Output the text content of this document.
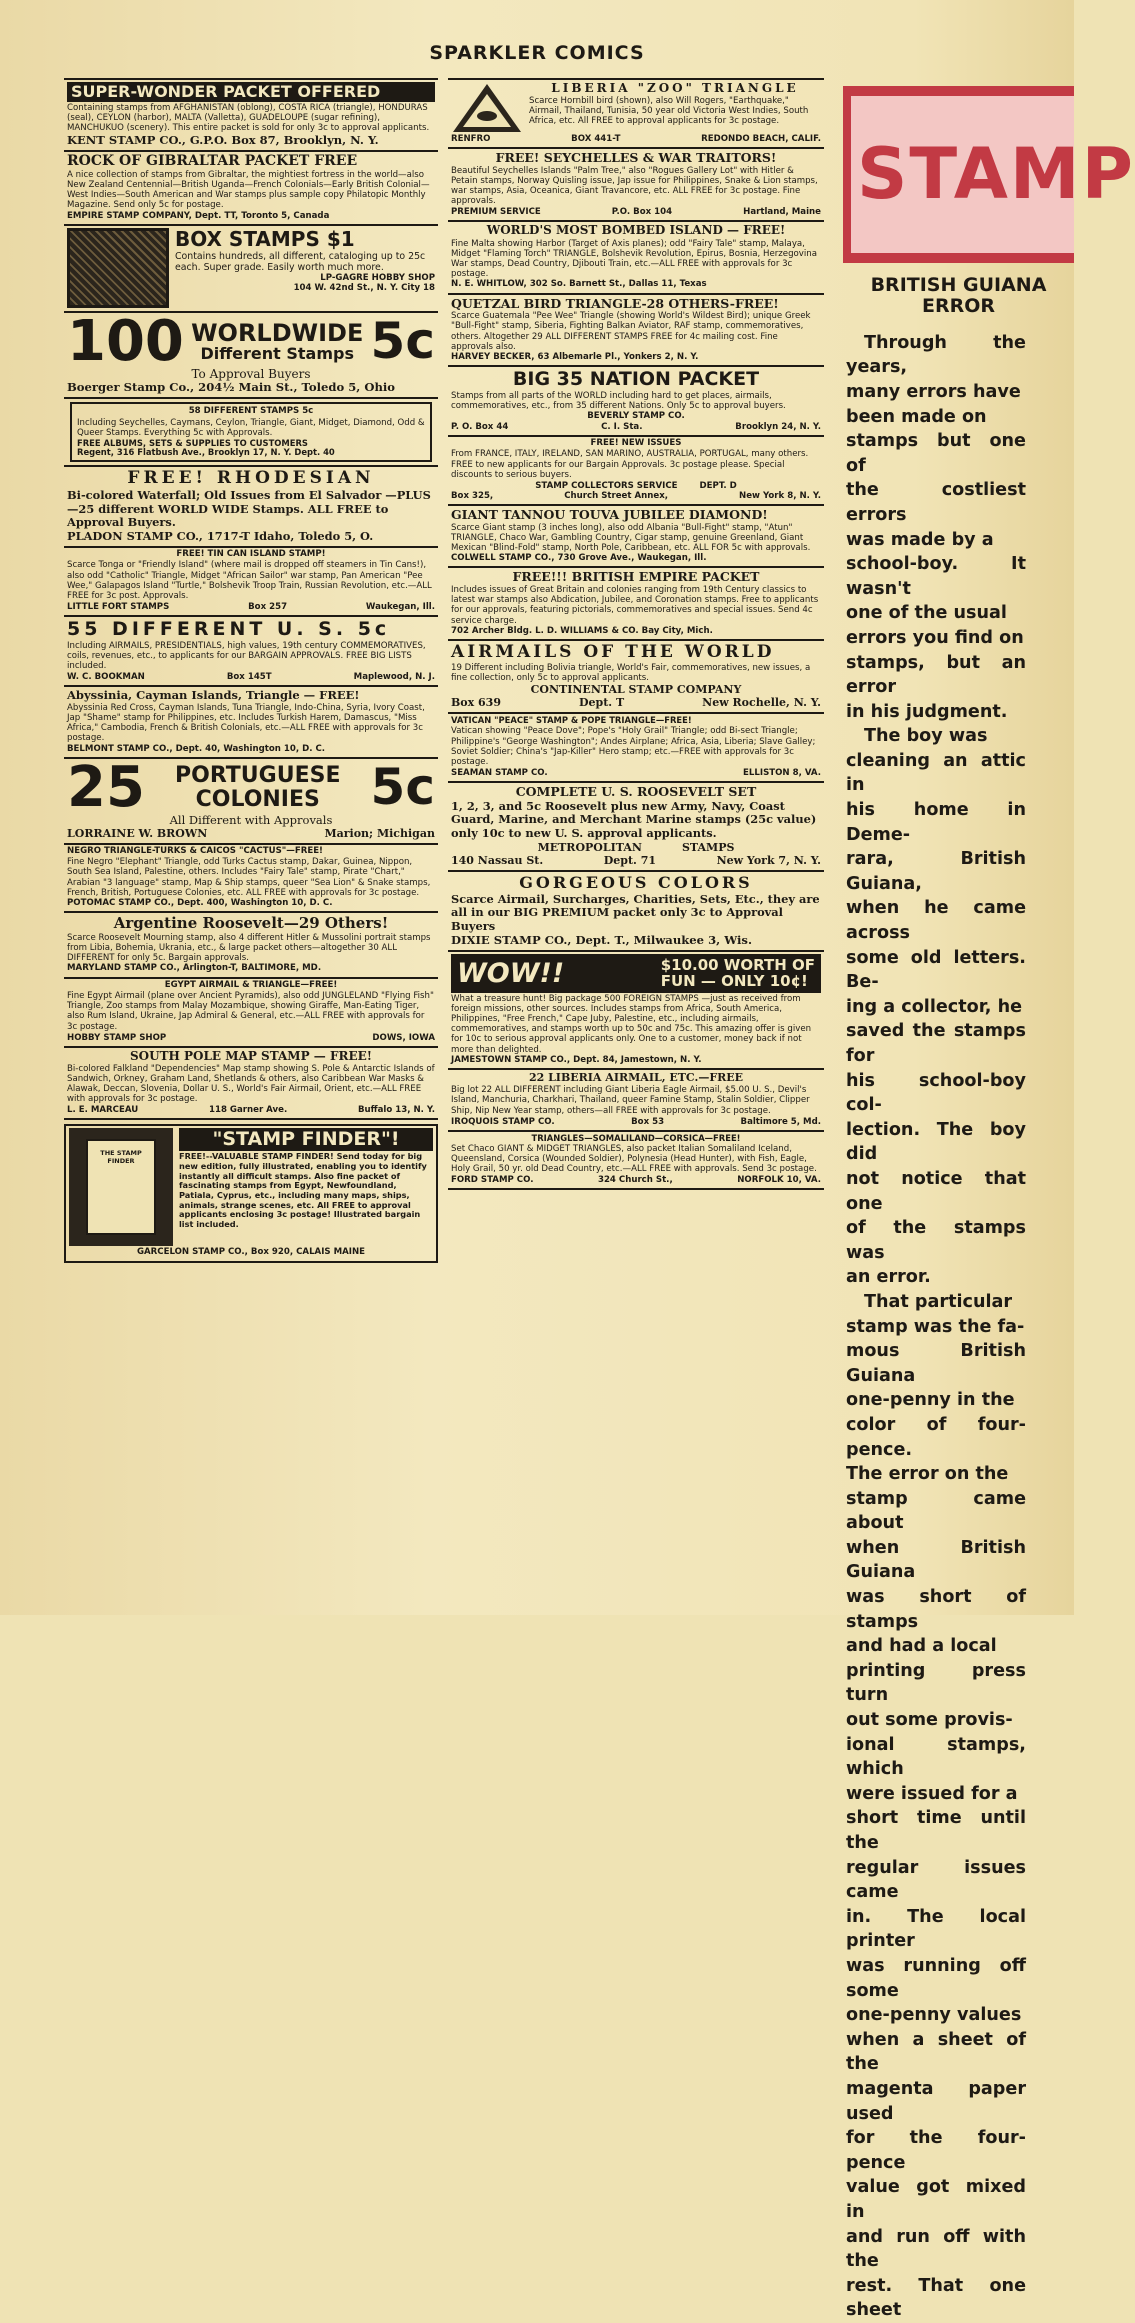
SPARKLER COMICS
SUPER-WONDER PACKET OFFERED
Containing stamps from AFGHANISTAN (oblong), COSTA RICA (triangle), HONDURAS (seal), CEYLON (harbor), MALTA (Valletta), GUADELOUPE (sugar refining), MANCHUKUO (scenery). This entire packet is sold for only 3c to approval applicants.
KENT STAMP CO., G.P.O. Box 87, Brooklyn, N. Y.
ROCK OF GIBRALTAR PACKET FREE
A nice collection of stamps from Gibraltar, the mightiest fortress in the world—also New Zealand Centennial—British Uganda—French Colonials—Early British Colonial—West Indies—South American and War stamps plus sample copy Philatopic Monthly Magazine. Send only 5c for postage.
EMPIRE STAMP COMPANY, Dept. TT, Toronto 5, Canada
BOX STAMPS $1
Contains hundreds, all different, cataloging up to 25c each. Super grade. Easily worth much more.
LP-GAGRE HOBBY SHOP
104 W. 42nd St., N. Y. City 18
100 WORLDWIDE
Different Stamps 5c
To Approval Buyers
Boerger Stamp Co., 204½ Main St., Toledo 5, Ohio
58 DIFFERENT STAMPS 5c
Including Seychelles, Caymans, Ceylon, Triangle, Giant, Midget, Diamond, Odd & Queer Stamps. Everything 5c with Approvals.
FREE ALBUMS, SETS & SUPPLIES TO CUSTOMERS
Regent, 316 Flatbush Ave., Brooklyn 17, N. Y. Dept. 40
FREE! RHODESIAN
Bi-colored Waterfall; Old Issues from El Salvador —PLUS—25 different WORLD WIDE Stamps. ALL FREE to Approval Buyers.
PLADON STAMP CO., 1717-T Idaho, Toledo 5, O.
FREE! TIN CAN ISLAND STAMP!
Scarce Tonga or "Friendly Island" (where mail is dropped off steamers in Tin Cans!), also odd "Catholic" Triangle, Midget "African Sailor" war stamp, Pan American "Pee Wee," Galapagos Island "Turtle," Bolshevik Troop Train, Russian Revolution, etc.—ALL FREE for 3c post. Approvals.
LITTLE FORT STAMPS	Box 257	Waukegan, Ill.
55 DIFFERENT U. S. 5c
Including AIRMAILS, PRESIDENTIALS, high values, 19th century COMMEMORATIVES, coils, revenues, etc., to applicants for our BARGAIN APPROVALS. FREE BIG LISTS included.
W. C. BOOKMAN	Box 145T	Maplewood, N. J.
Abyssinia, Cayman Islands, Triangle — FREE!
Abyssinia Red Cross, Cayman Islands, Tuna Triangle, Indo-China, Syria, Ivory Coast, Jap "Shame" stamp for Philippines, etc. Includes Turkish Harem, Damascus, "Miss Africa," Cambodia, French & British Colonials, etc.—ALL FREE with approvals for 3c postage.
BELMONT STAMP CO., Dept. 40, Washington 10, D. C.
25 PORTUGUESE
COLONIES	5c
All Different with Approvals
LORRAINE W. BROWN	Marion; Michigan
NEGRO TRIANGLE-TURKS & CAICOS "CACTUS"—FREE!
Fine Negro "Elephant" Triangle, odd Turks Cactus stamp, Dakar, Guinea, Nippon, South Sea Island, Palestine, others. Includes "Fairy Tale" stamp, Pirate "Chart," Arabian "3 language" stamp, Map & Ship stamps, queer "Sea Lion" & Snake stamps, French, British, Portuguese Colonies, etc. ALL FREE with approvals for 3c postage.
POTOMAC STAMP CO., Dept. 400, Washington 10, D. C.
Argentine Roosevelt—29 Others!
Scarce Roosevelt Mourning stamp, also 4 different Hitler & Mussolini portrait stamps from Libia, Bohemia, Ukrania, etc., & large packet others—altogether 30 ALL DIFFERENT for only 5c. Bargain approvals.
MARYLAND STAMP CO., Arlington-T, BALTIMORE, MD.
EGYPT AIRMAIL & TRIANGLE—FREE!
Fine Egypt Airmail (plane over Ancient Pyramids), also odd JUNGLELAND "Flying Fish" Triangle, Zoo stamps from Malay Mozambique, showing Giraffe, Man-Eating Tiger, also Rum Island, Ukraine, Jap Admiral & General, etc.—ALL FREE with approvals for 3c postage.
HOBBY STAMP SHOP	DOWS, IOWA
SOUTH POLE MAP STAMP — FREE!
Bi-colored Falkland "Dependencies" Map stamp showing S. Pole & Antarctic Islands of Sandwich, Orkney, Graham Land, Shetlands & others, also Caribbean War Masks & Alawak, Deccan, Slovenia, Dollar U. S., World's Fair Airmail, Orient, etc.—ALL FREE with approvals for 3c postage.
L. E. MARCEAU	118 Garner Ave.	Buffalo 13, N. Y.
THE STAMP FINDER
"STAMP FINDER"!
FREE!--VALUABLE STAMP FINDER! Send today for big new edition, fully illustrated, enabling you to identify instantly all difficult stamps. Also fine packet of fascinating stamps from Egypt, Newfoundland, Patiala, Cyprus, etc., including many maps, ships, animals, strange scenes, etc. All FREE to approval applicants enclosing 3c postage! Illustrated bargain list included.
GARCELON STAMP CO., Box 920, CALAIS MAINE
LIBERIA "ZOO" TRIANGLE
Scarce Hornbill bird (shown), also Will Rogers, "Earthquake," Airmail, Thailand, Tunisia, 50 year old Victoria West Indies, South Africa, etc. All FREE to approval applicants for 3c postage.
RENFRO	BOX 441-T	REDONDO BEACH, CALIF.
FREE! SEYCHELLES & WAR TRAITORS!
Beautiful Seychelles Islands "Palm Tree," also "Rogues Gallery Lot" with Hitler & Petain stamps, Norway Quisling issue, Jap issue for Philippines, Snake & Lion stamps, war stamps, Asia, Oceanica, Giant Travancore, etc. ALL FREE for 3c postage. Fine approvals.
PREMIUM SERVICE	P.O. Box 104	Hartland, Maine
WORLD'S MOST BOMBED ISLAND — FREE!
Fine Malta showing Harbor (Target of Axis planes); odd "Fairy Tale" stamp, Malaya, Midget "Flaming Torch" TRIANGLE, Bolshevik Revolution, Epirus, Bosnia, Herzegovina War stamps, Dead Country, Djibouti Train, etc.—ALL FREE with approvals for 3c postage.
N. E. WHITLOW, 302 So. Barnett St., Dallas 11, Texas
QUETZAL BIRD TRIANGLE-28 OTHERS-FREE!
Scarce Guatemala "Pee Wee" Triangle (showing World's Wildest Bird); unique Greek "Bull-Fight" stamp, Siberia, Fighting Balkan Aviator, RAF stamp, commemoratives, others. Altogether 29 ALL DIFFERENT STAMPS FREE for 4c mailing cost. Fine approvals also.
HARVEY BECKER, 63 Albemarle Pl., Yonkers 2, N. Y.
BIG 35 NATION PACKET
Stamps from all parts of the WORLD including hard to get places, airmails, commemoratives, etc., from 35 different Nations. Only 5c to approval buyers.
BEVERLY STAMP CO.
P. O. Box 44	C. I. Sta.	Brooklyn 24, N. Y.
FREE! NEW ISSUES
From FRANCE, ITALY, IRELAND, SAN MARINO, AUSTRALIA, PORTUGAL, many others. FREE to new applicants for our Bargain Approvals. 3c postage please. Special discounts to serious buyers.
STAMP COLLECTORS SERVICE	DEPT. D
Box 325,	Church Street Annex,	New York 8, N. Y.
GIANT TANNOU TOUVA JUBILEE DIAMOND!
Scarce Giant stamp (3 inches long), also odd Albania "Bull-Fight" stamp, "Atun" TRIANGLE, Chaco War, Gambling Country, Cigar stamp, genuine Greenland, Giant Mexican "Blind-Fold" stamp, North Pole, Caribbean, etc. ALL FOR 5c with approvals.
COLWELL STAMP CO., 730 Grove Ave., Waukegan, Ill.
FREE!!! BRITISH EMPIRE PACKET
Includes issues of Great Britain and colonies ranging from 19th Century classics to latest war stamps also Abdication, Jubilee, and Coronation stamps. Free to applicants for our approvals, featuring pictorials, commemoratives and special issues. Send 4c service charge.
702 Archer Bldg. L. D. WILLIAMS & CO. Bay City, Mich.
AIRMAILS OF THE WORLD
19 Different including Bolivia triangle, World's Fair, commemoratives, new issues, a fine collection, only 5c to approval applicants.
CONTINENTAL STAMP COMPANY
Box 639	Dept. T	New Rochelle, N. Y.
VATICAN "PEACE" STAMP & POPE TRIANGLE—FREE!
Vatican showing "Peace Dove"; Pope's "Holy Grail" Triangle; odd Bi-sect Triangle; Philippine's "George Washington"; Andes Airplane; Africa, Asia, Liberia; Slave Galley; Soviet Soldier; China's "Jap-Killer" Hero stamp; etc.—FREE with approvals for 3c postage.
SEAMAN STAMP CO.	ELLISTON 8, VA.
COMPLETE U. S. ROOSEVELT SET
1, 2, 3, and 5c Roosevelt plus new Army, Navy, Coast Guard, Marine, and Merchant Marine stamps (25c value) only 10c to new U. S. approval applicants.
METROPOLITAN	STAMPS
140 Nassau St.	Dept. 71	New York 7, N. Y.
GORGEOUS COLORS
Scarce Airmail, Surcharges, Charities, Sets, Etc., they are all in our BIG PREMIUM packet only 3c to Approval Buyers
DIXIE STAMP CO., Dept. T., Milwaukee 3, Wis.
WOW!!	$10.00 WORTH OF
FUN — ONLY 10¢!
What a treasure hunt! Big package 500 FOREIGN STAMPS —just as received from foreign missions, other sources. Includes stamps from Africa, South America, Philippines, "Free French," Cape Juby, Palestine, etc., including airmails, commemoratives, and stamps worth up to 50c and 75c. This amazing offer is given for 10c to serious approval applicants only. One to a customer, money back if not more than delighted.
JAMESTOWN STAMP CO., Dept. 84, Jamestown, N. Y.
22 LIBERIA AIRMAIL, ETC.—FREE
Big lot 22 ALL DIFFERENT including Giant Liberia Eagle Airmail, $5.00 U. S., Devil's Island, Manchuria, Charkhari, Thailand, queer Famine Stamp, Stalin Soldier, Clipper Ship, Nip New Year stamp, others—all FREE with approvals for 3c postage.
IROQUOIS STAMP CO.	Box 53	Baltimore 5, Md.
TRIANGLES—SOMALILAND—CORSICA—FREE!
Set Chaco GIANT & MIDGET TRIANGLES, also packet Italian Somaliland Iceland, Queensland, Corsica (Wounded Soldier), Polynesia (Head Hunter), with Fish, Eagle, Holy Grail, 50 yr. old Dead Country, etc.—ALL FREE with approvals. Send 3c postage.
FORD STAMP CO.	324 Church St.,	NORFOLK 10, VA.
STAMP
BRITISH GUIANA
ERROR
Through the years,
many errors have
been made on
stamps but one of
the costliest errors
was made by a
school-boy. It wasn't
one of the usual
errors you find on
stamps, but an error
in his judgment.
The boy was
cleaning an attic in
his home in Deme-
rara, British Guiana,
when he came across
some old letters. Be-
ing a collector, he
saved the stamps for
his school-boy col-
lection. The boy did
not notice that one
of the stamps was
an error.
That particular
stamp was the fa-
mous British Guiana
one-penny in the
color of four-pence.
The error on the
stamp came about
when British Guiana
was short of stamps
and had a local
printing press turn
out some provis-
ional stamps, which
were issued for a
short time until the
regular issues came
in. The local printer
was running off some
one-penny values
when a sheet of the
magenta paper used
for the four-pence
value got mixed in
and run off with the
rest. That one sheet
